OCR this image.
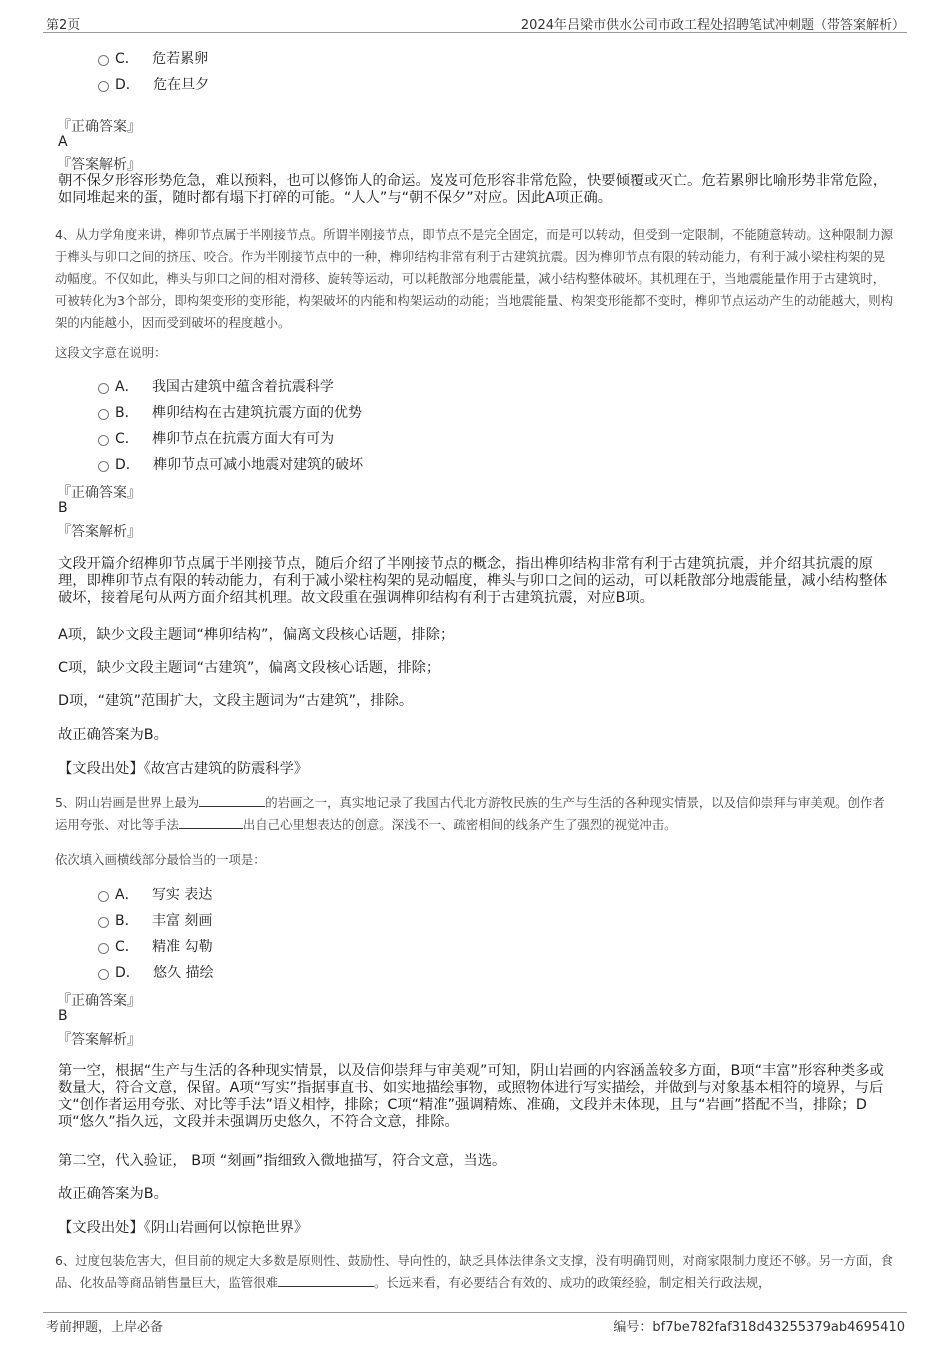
第2页	2024年吕梁市供水公司市政工程处招聘笔试冲刺题（带答案解析）
C． 危若累卵
D． 危在旦夕
『正确答案』
A
『答案解析』
朝不保夕形容形势危急，难以预料，也可以修饰人的命运。岌岌可危形容非常危险，快要倾覆或灭亡。危若累卵比喻形势非常危险，如同堆起来的蛋，随时都有塌下打碎的可能。“人人”与“朝不保夕”对应。因此A项正确。
4、从力学角度来讲，榫卯节点属于半刚接节点。所谓半刚接节点，即节点不是完全固定，而是可以转动，但受到一定限制，不能随意转动。这种限制力源于榫头与卯口之间的挤压、咬合。作为半刚接节点中的一种，榫卯结构非常有利于古建筑抗震。因为榫卯节点有限的转动能力，有利于减小梁柱构架的晃动幅度。不仅如此，榫头与卯口之间的相对滑移、旋转等运动，可以耗散部分地震能量，减小结构整体破坏。其机理在于，当地震能量作用于古建筑时，可被转化为3个部分，即构架变形的变形能，构架破坏的内能和构架运动的动能；当地震能量、构架变形能都不变时，榫卯节点运动产生的动能越大，则构架的内能越小，因而受到破坏的程度越小。
这段文字意在说明：
A． 我国古建筑中蕴含着抗震科学
B． 榫卯结构在古建筑抗震方面的优势
C． 榫卯节点在抗震方面大有可为
D． 榫卯节点可减小地震对建筑的破坏
『正确答案』
B
『答案解析』
文段开篇介绍榫卯节点属于半刚接节点，随后介绍了半刚接节点的概念，指出榫卯结构非常有利于古建筑抗震，并介绍其抗震的原理，即榫卯节点有限的转动能力，有利于减小梁柱构架的晃动幅度，榫头与卯口之间的运动，可以耗散部分地震能量，减小结构整体破坏，接着尾句从两方面介绍其机理。故文段重在强调榫卯结构有利于古建筑抗震，对应B项。
A项，缺少文段主题词“榫卯结构”，偏离文段核心话题，排除；
C项，缺少文段主题词“古建筑”，偏离文段核心话题，排除；
D项，“建筑”范围扩大，文段主题词为“古建筑”，排除。
故正确答案为B。
【文段出处】《故宫古建筑的防震科学》
5、阴山岩画是世界上最为	的岩画之一，真实地记录了我国古代北方游牧民族的生产与生活的各种现实情景，以及信仰崇拜与审美观。创作者运用夸张、对比等手法	出自己心里想表达的创意。深浅不一、疏密相间的线条产生了强烈的视觉冲击。
依次填入画横线部分最恰当的一项是：
A． 写实 表达
B． 丰富 刻画
C． 精准 勾勒
D． 悠久 描绘
『正确答案』
B
『答案解析』
第一空，根据“生产与生活的各种现实情景，以及信仰崇拜与审美观”可知，阴山岩画的内容涵盖较多方面，B项“丰富”形容种类多或数量大，符合文意，保留。A项“写实”指据事直书、如实地描绘事物，或照物体进行写实描绘，并做到与对象基本相符的境界，与后文“创作者运用夸张、对比等手法”语义相悖，排除；C项“精准”强调精炼、准确，文段并未体现，且与“岩画”搭配不当，排除；D项“悠久”指久远，文段并未强调历史悠久，不符合文意，排除。
第二空，代入验证， B项 “刻画”指细致入微地描写，符合文意，当选。
故正确答案为B。
【文段出处】《阴山岩画何以惊艳世界》
6、过度包装危害大，但目前的规定大多数是原则性、鼓励性、导向性的，缺乏具体法律条文支撑，没有明确罚则，对商家限制力度还不够。另一方面，食品、化妆品等商品销售量巨大，监管很难	。长远来看，有必要结合有效的、成功的政策经验，制定相关行政法规，
考前押题，上岸必备	编号：bf7be782faf318d43255379ab4695410
